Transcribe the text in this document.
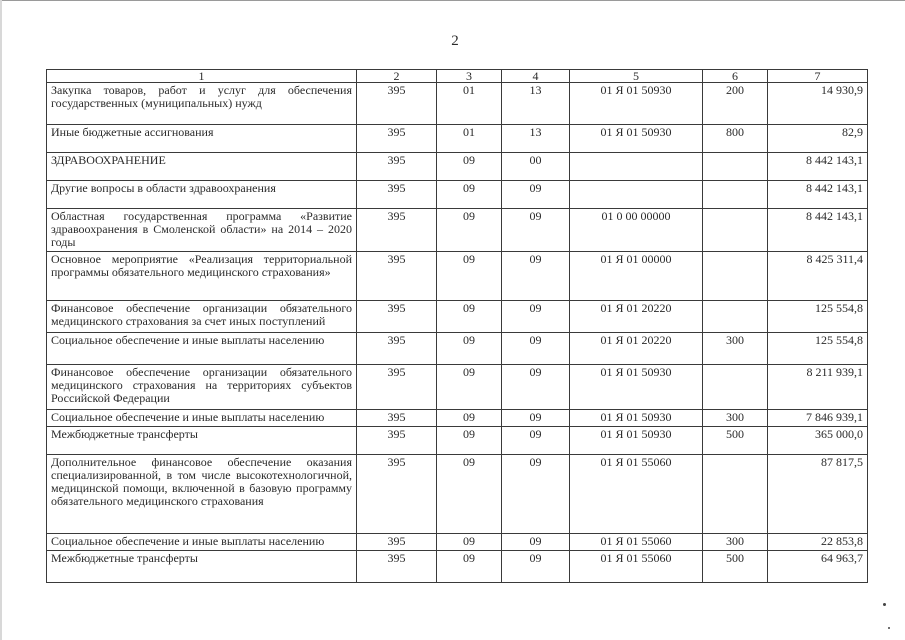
2
1	2	3	4	5	6	7
Закупка товаров, работ и услуг для обеспечения государственных (муниципальных) нужд	395	01	13	01 Я 01 50930	200	14 930,9
Иные бюджетные ассигнования	395	01	13	01 Я 01 50930	800	82,9
ЗДРАВООХРАНЕНИЕ	395	09	00			8 442 143,1
Другие вопросы в области здравоохранения	395	09	09			8 442 143,1
Областная государственная программа «Развитие здравоохранения в Смоленской области» на 2014 – 2020 годы	395	09	09	01 0 00 00000		8 442 143,1
Основное мероприятие «Реализация территориальной программы обязательного медицинского страхования»	395	09	09	01 Я 01 00000		8 425 311,4
Финансовое обеспечение организации обязательного медицинского страхования за счет иных поступлений	395	09	09	01 Я 01 20220		125 554,8
Социальное обеспечение и иные выплаты населению	395	09	09	01 Я 01 20220	300	125 554,8
Финансовое обеспечение организации обязательного медицинского страхования на территориях субъектов Российской Федерации	395	09	09	01 Я 01 50930		8 211 939,1
Социальное обеспечение и иные выплаты населению	395	09	09	01 Я 01 50930	300	7 846 939,1
Межбюджетные трансферты	395	09	09	01 Я 01 50930	500	365 000,0
Дополнительное финансовое обеспечение оказания специализированной, в том числе высокотехнологичной, медицинской помощи, включенной в базовую программу обязательного медицинского страхования	395	09	09	01 Я 01 55060		87 817,5
Социальное обеспечение и иные выплаты населению	395	09	09	01 Я 01 55060	300	22 853,8
Межбюджетные трансферты	395	09	09	01 Я 01 55060	500	64 963,7
